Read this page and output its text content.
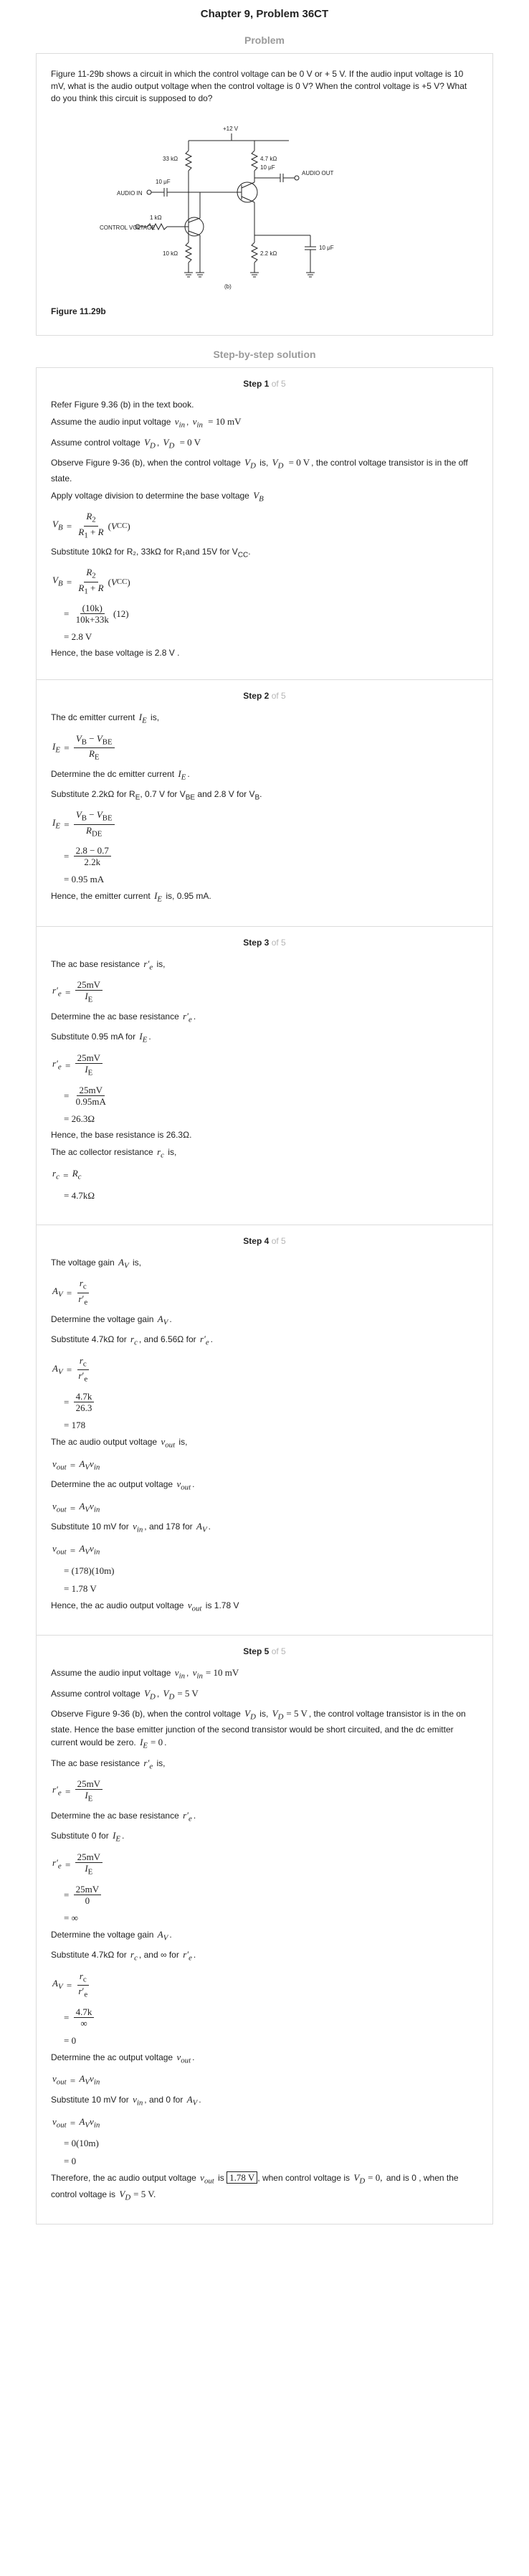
Chapter 9, Problem 36CT
Problem

Figure 11-29b shows a circuit in which the control voltage can be 0 V or + 5 V. If the audio input voltage is 10 mV, what is the audio output voltage when the control voltage is 0 V? When the control voltage is +5 V? What do you think this circuit is supposed to do?

+12 V
33 kΩ	4.7 kΩ
10 μF
10 μF
AUDIO OUT
AUDIO IN
1 kΩ
CONTROL VOLTAGE
10 kΩ	2.2 kΩ
10 μF
(b)
Figure 11.29b
Step-by-step solution
Step 1 of 5
Refer Figure 9.36 (b) in the text book.
Assume the audio input voltage $v_{in}$ , $v_{in} = 10$ mV
Assume control voltage $V_D$ , $V_D = 0$ V
Observe Figure 9-36 (b), when the control voltage $V_D$ is, $V_D = 0$ V , the control voltage transistor is in the off state.
Apply voltage division to determine the base voltage $V_B$
$V_B = \frac{R_2}{R_1 + R}$ ( V CC )
Substitute 10kΩ for R₂, 33kΩ for R₁and 15V for $V_{CC}$.
$V_B = \frac{R_2}{R_1 + R}$ ( V CC )
= $\frac{(10k)}{10k+33k} (12)$
= 2.8 V
Hence, the base voltage is 2.8 V .
Step 2 of 5
The dc emitter current $I_E$ is,
$I_E = \frac{V_B - V_{BE}}{R_E}$
Determine the dc emitter current $I_E$ .
Substitute 2.2kΩ for $R_E$, 0.7 V for $V_{BE}$ and 2.8 V for $V_B$.
$I_E = \frac{V_B - V_{BE}}{R_{DE}}$
= $\frac{2.8 - 0.7}{2.2k}$
= 0.95 mA
Hence, the emitter current $I_E$ is, 0.95 mA.
Step 3 of 5
The ac base resistance $r'_e$ is,
$r'_e = \frac{25mV}{I_E}$
Determine the ac base resistance $r'_e$ .
Substitute 0.95 mA for $I_E$ .
$r'_e = \frac{25mV}{I_E}$
= $\frac{25mV}{0.95mA}$
= 26.3Ω
Hence, the base resistance is 26.3Ω.
The ac collector resistance $r_c$ is,
$r_c = R_c$
= 4.7kΩ
Step 4 of 5
The voltage gain $A_V$ is,
$A_V = \frac{r_c}{r'_e}$
Determine the voltage gain $A_V$ .
Substitute 4.7kΩ for $r_c$ , and 6.56Ω for $r'_e$ .
$A_V = \frac{r_c}{r'_e}$
= $\frac{4.7k}{26.3}$
= 178
The ac audio output voltage $v_{out}$ is,
$v_{out} = A_Vv_{in}$
Determine the ac output voltage $v_{out}$ .
$v_{out} = A_Vv_{in}$
Substitute 10 mV for $v_{in}$ , and 178 for $A_V$ .
$v_{out} = A_Vv_{in}$
= (178)(10m)
= 1.78 V
Hence, the ac audio output voltage $v_{out}$ is 1.78 V
Step 5 of 5
Assume the audio input voltage $v_{in}$ , $v_{in} = 10$ mV
Assume control voltage $V_D$ , $V_D = 5$ V
Observe Figure 9-36 (b), when the control voltage $V_D$ is, $V_D = 5$ V , the control voltage transistor is in the on state. Hence the base emitter junction of the second transistor would be short circuited, and the dc emitter current would be zero. $I_E = 0$ .
The ac base resistance $r'_e$ is,
$r'_e = \frac{25mV}{I_E}$
Determine the ac base resistance $r'_e$ .
Substitute 0 for $I_E$ .
$r'_e = \frac{25mV}{I_E}$
= $\frac{25mV}{0}$
= ∞
Determine the voltage gain $A_V$ .
Substitute 4.7kΩ for $r_c$ , and ∞ for $r'_e$ .
$A_V = \frac{r_c}{r'_e}$
= $\frac{4.7k}{\infty}$
= 0
Determine the ac output voltage $v_{out}$ .
$v_{out} = A_Vv_{in}$
Substitute 10 mV for $v_{in}$ , and 0 for $A_V$ .
$v_{out} = A_Vv_{in}$
= 0(10m)
= 0
Therefore, the ac audio output voltage $v_{out}$ is 1.78 V , when control voltage is $V_D = 0$, and is 0 , when the control voltage is $V_D = 5$ V.
